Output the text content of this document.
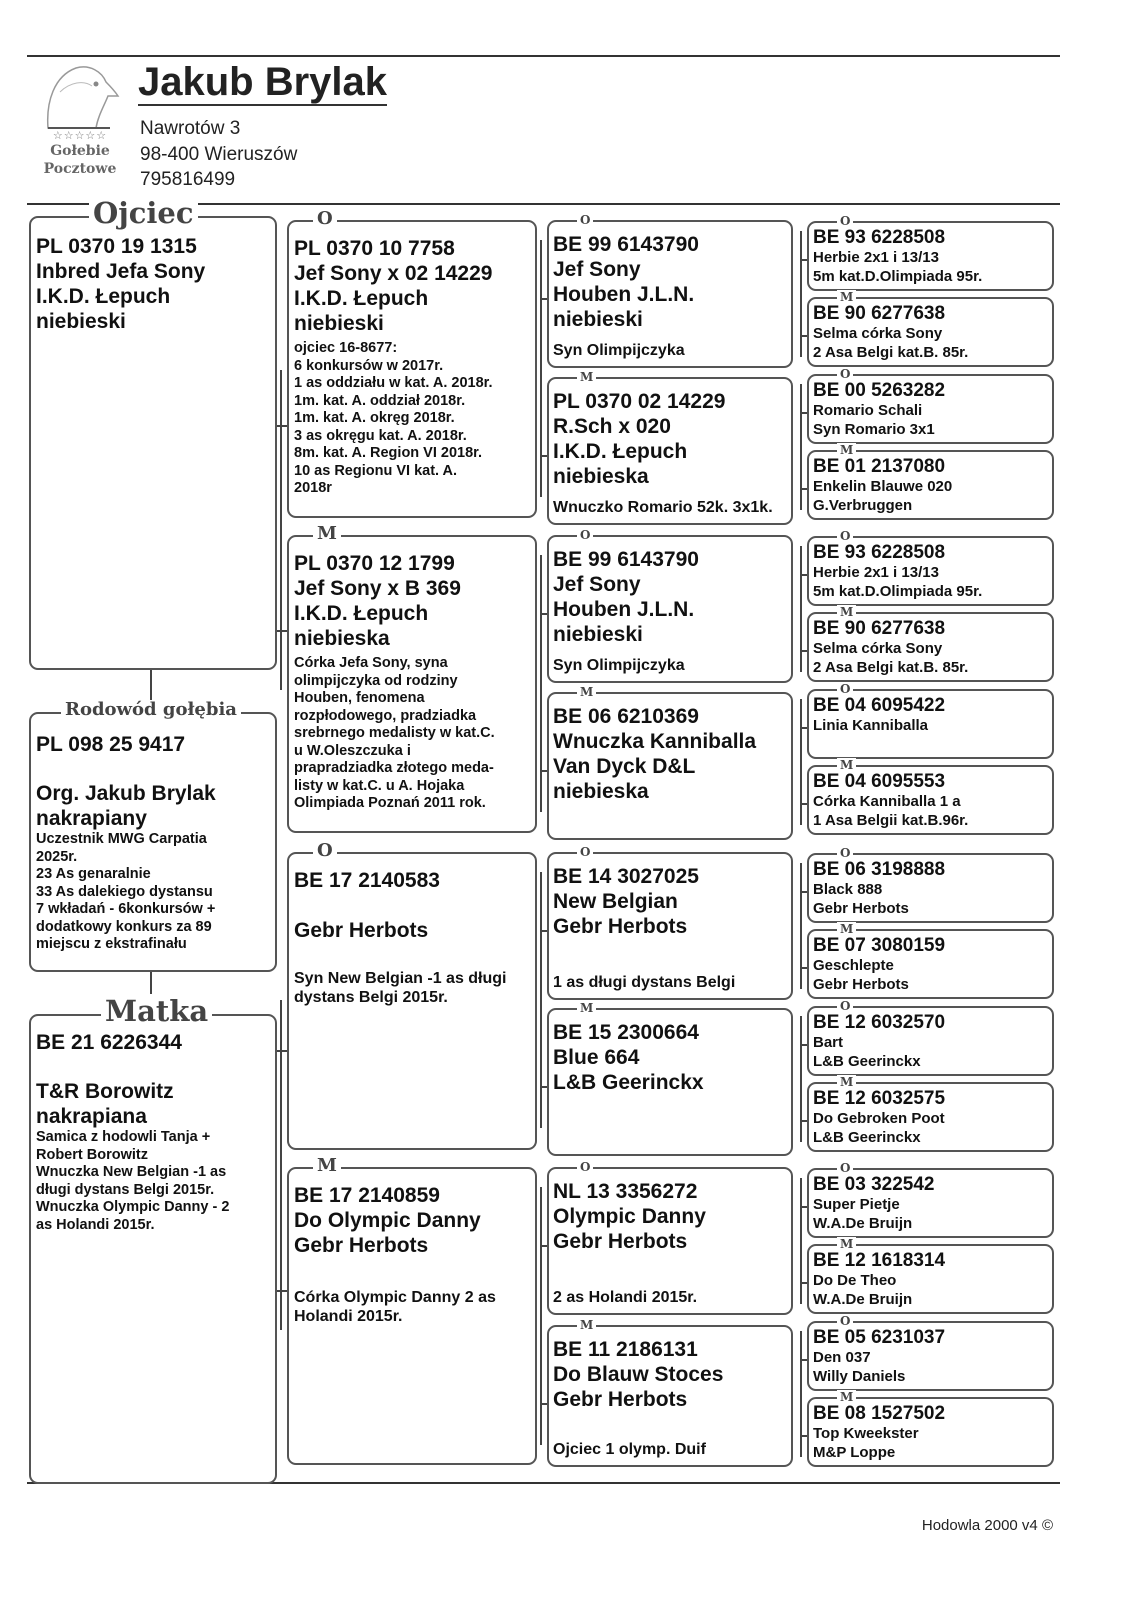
☆☆☆☆☆
Gołebie
Pocztowe
Jakub Brylak
Nawrotów 3
98-400 Wieruszów
795816499
Ojciec
PL 0370 19 1315
Inbred Jefa Sony
I.K.D. Łepuch
niebieski
Rodowód gołębia
PL 098 25 9417
Org. Jakub Brylak
nakrapiany
Uczestnik MWG Carpatia
2025r.
23 As genaralnie
33 As dalekiego dystansu
7 wkładań - 6konkursów +
dodatkowy konkurs za 89
miejscu z ekstrafinału
Matka
BE 21 6226344
T&R Borowitz
nakrapiana
Samica z hodowli Tanja +
Robert Borowitz
Wnuczka New Belgian -1 as
długi dystans Belgi 2015r.
Wnuczka Olympic Danny - 2
as Holandi 2015r.
O
PL 0370 10 7758
Jef Sony x 02 14229
I.K.D. Łepuch
niebieski
ojciec 16-8677:
6 konkursów w 2017r.
1 as oddziału w kat. A. 2018r.
1m. kat. A. oddział 2018r.
1m. kat. A. okręg 2018r.
3 as okręgu kat. A. 2018r.
8m. kat. A. Region VI 2018r.
10 as Regionu VI kat. A.
2018r
M
PL 0370 12 1799
Jef Sony x B 369
I.K.D. Łepuch
niebieska
Córka Jefa Sony, syna
olimpijczyka od rodziny
Houben, fenomena
rozpłodowego, pradziadka
srebrnego medalisty w kat.C.
u W.Oleszczuka i
prapradziadka złotego meda-
listy w kat.C. u A. Hojaka
Olimpiada Poznań 2011 rok.
O
BE 17 2140583
Gebr Herbots
Syn New Belgian -1 as długi
dystans Belgi 2015r.
M
BE 17 2140859
Do Olympic Danny
Gebr Herbots
Córka Olympic Danny 2 as
Holandi 2015r.
O
BE 99 6143790
Jef Sony
Houben J.L.N.
niebieski
Syn Olimpijczyka
M
PL 0370 02 14229
R.Sch x 020
I.K.D. Łepuch
niebieska
Wnuczko Romario 52k. 3x1k.
O
BE 99 6143790
Jef Sony
Houben J.L.N.
niebieski
Syn Olimpijczyka
M
BE 06 6210369
Wnuczka Kanniballa
Van Dyck D&L
niebieska
O
BE 14 3027025
New Belgian
Gebr Herbots
1 as długi dystans Belgi
M
BE 15 2300664
Blue 664
L&B Geerinckx
O
NL 13 3356272
Olympic Danny
Gebr Herbots
2 as Holandi 2015r.
M
BE 11 2186131
Do Blauw Stoces
Gebr Herbots
Ojciec 1 olymp. Duif
O
BE 93 6228508
Herbie 2x1 i 13/13
5m kat.D.Olimpiada 95r.
M
BE 90 6277638
Selma córka Sony
2 Asa Belgi kat.B. 85r.
O
BE 00 5263282
Romario Schali
Syn Romario 3x1
M
BE 01 2137080
Enkelin Blauwe 020
G.Verbruggen
O
BE 93 6228508
Herbie 2x1 i 13/13
5m kat.D.Olimpiada 95r.
M
BE 90 6277638
Selma córka Sony
2 Asa Belgi kat.B. 85r.
O
BE 04 6095422
Linia Kanniballa
M
BE 04 6095553
Córka Kanniballa 1 a
1 Asa Belgii kat.B.96r.
O
BE 06 3198888
Black 888
Gebr Herbots
M
BE 07 3080159
Geschlepte
Gebr Herbots
O
BE 12 6032570
Bart
L&B Geerinckx
M
BE 12 6032575
Do Gebroken Poot
L&B Geerinckx
O
BE 03 322542
Super Pietje
W.A.De Bruijn
M
BE 12 1618314
Do De Theo
W.A.De Bruijn
O
BE 05 6231037
Den 037
Willy Daniels
M
BE 08 1527502
Top Kweekster
M&P Loppe
Hodowla 2000 v4 ©
